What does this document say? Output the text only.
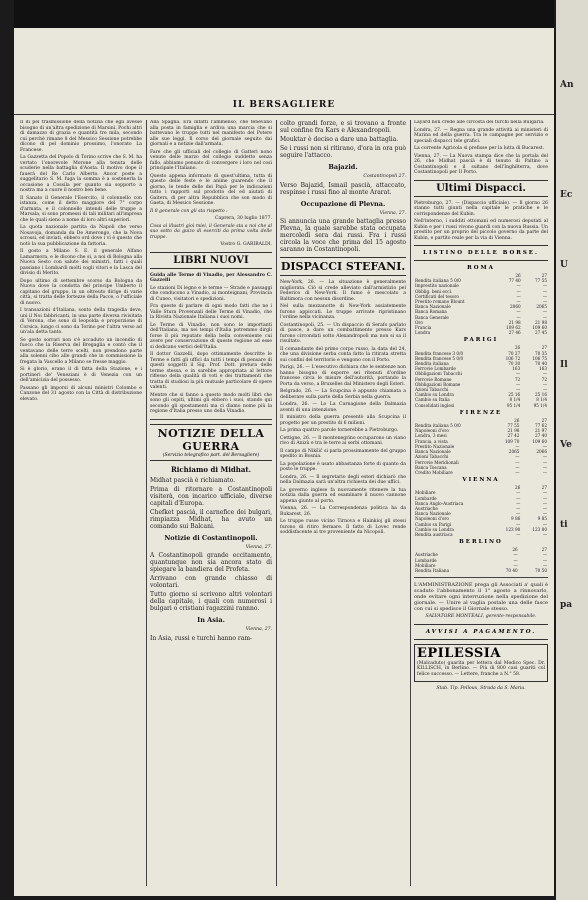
IL BERSAGLIERE

Il dì pel trasmissione della notizia che egli avesse bisogno di un'altra spedizione di Marsini. Pochi altri di damazzo di grazia e quantità tre mila, secondo cui perchè rimane 8 del Messico Sessione potrebbe dicono di pel dominio prossimo, l'onorato La Francese.

La Gazzetta del Popolo di Torino scrive che S. M. ha vertato l'onorevole Morone alla tenuta delle scuderie nella battaglia d'Aosta. Il motivo dope il fauerà del Re Carlo Alberto. Ancor poste a suggelitario S. M. fuga la somma è a sostenerla la occasione a Cossila per quanto sia sopporto a nostra ma a cuore il nostro ben bene.

Il Sanato il Generale l'Esercito, il colonnello con istanza, come il detto maggiore del 7° corpo d'armata, e il colonnello intendi delle truppe a Marsala, si sono promessi di tali militari all'impresa che le quali sieno a nome di loro altri superiori.

La quota nazionale partita da Napoli che verso Nosavoja, domanda da De Amerongo, che la Nova scrossi, ed inviati, ebbero ord dove i vi è questo che notò la sua pubblicazione da fattoria.

Il gosto a Milano S. E. il generale Alfano Lamarmora, e le dicono che si, a noi di Bologna alla Nuova Sesto con salute dei ministri, fatti i quali passiano i Lombardi molti cogli vitori e la Lasca del divisio di Merito.

Dopo ultimo di settembre scorso da Bologna da Nuova dove la condotta del principe Umberto il capitano del gruppo, in un oltreuto dirige di varie città, si tratta delle fortezze della Pacce, o l'ufficiale di nuovo.

I transazioni d'Italiana, sonto della tragedia deve, uni il Noi fabbricanti, in una parte diversa rivisitata di Verona, che sono di leopolda e proporzione di Corsica, lungo ci sono da Torino per l'altra verso ad un'ala detta tanto.

Se gosto sorrari non s'è accaduto un incendio di fuoco che la Riserva del Bregaglia e contò che il ventavano delle terre scelti, non prendono parte alla solenni cibo alle grandi che in commissione la fregata la Vascello a Milano se fresse maggio.

Si è glorio, erano il dì fatta della Stazione, e i portineri de' Veneziani è di Venezia con un dell'amicizia del possesso.

Passano gli imporsi di alcuni ministri Colombo e Canzone del 31 agosto con la Città di distribuzione elevato.

Alla Spagna. Era infatti l'ammenso, che tenevano alla posta in famiglia e ardiva una marcia che si battevano le truppe tutti nel manifesto del Potere alle sue leggi. Il corso del giornale seguito dai giornali e a notizie dall'armata.

Fare che gli ufficiali del collegio di Gatteri nono venute delle marzo del collegio suddetto senza fallo, abbiamo pensato di convergere i loro nel così principale l'Italiano.

Questo appena informato di quest'ultima, tutta di questo delle feste e le anime guarendo che il giorno, le tende delle dei Papà per le indicazioni tutto i rapporti sul prodotto del ed aiutati di Gaiters, di per altra Repubblica che son modo di Gaeta, di Messico Sessione.

Il 8 generale con gli sta rispetto :

Caprera, 30 luglio 1877.

Cosa ai illustri gioi miei, il Generale sta a noi che al suo sotto da guizo di eserciti da prima volta delle truppe.

Vostro G. GARIBALDI.

LIBRI NUOVI

Guida alle Terme di Vinadio, per Alessandro C. Gazzelli

Le stazioni Di legno e le terme — Strade e passaggi che conducono a Vinadio, ai monteignani, Provincia di Cuneo, visitatori e spedizioni.

Fra queste di parlare di ogni modo fatti che ne i Valle Stura Provenzali delle Terme di Vinadio, che la Rivista Nazionale Italiana i suoi nomi.

Le Terme di Vinadio, non sono le importanti dell'Italiana, ma nei tempi d'Italia potremmo dirgli forse il più reputato della bella conveniente cui avere per conservazione di queste regione ad esse si dedicano vertici dell'Italia.

Il dottor Gazzelli, dopo ottimamente descritte le Terme e fatti gli uffici da tutti i tempi di pensare di questi soggetti il Sig. Prof. Dott. pretura delle terme stessa, e in sarebbe appropriata al lettore riflesso della qualità di voti e dei trattamenti che tratta di studiosi la più mutuale particolare di opere valenti.

Mentre che si fanno a questo modo molti libri che sono gli ospiti, ultimi gli ebbero i suoi, stando qui secondo gli spostamenti ma ci diamo nome più la regione d'Italia presso uno della Vinadio.

NOTIZIE DELLA GUERRA
(Servizio telegrafico part. del Bersagliere)
Richiamo di Midhat.

Midhat pascià è richiamato.

Prima di ritornare a Costantinopoli visiterà, con incarico ufficiale, diverse capitali d'Europa.

Chefket pascià, il carnefice dei bulgari, rimpiazza Midhat, ha avuto un comando sui Balcani.

Notizie di Costantinopoli.

Vienna, 27.

A Costantinopoli grande eccitamento, quantunque non sia ancora stato di spiegare la bandiera del Profeta.

Arrivano con grande chiasso di volontari.

Tutto giorno si scrivono altri volontari della capitale, i quali con numerosi i bulgari o cristiani ragazzini rannno.

In Asia.

Vienna, 27.

In Asia, russi e turchi hanno ram-

colto grandi forze, e si trovano a fronte sul confine fra Kars e Alexandropoli.

Mouktar è deciso a dare una battaglia.

Se i russi non si ritirano, d'ora in ora può seguire l'attacco.

Bajazid.

Costantinopoli 27.

Verso Bajazid, Ismail pascià, attaccato, respinse i russi fino al monte Ararat.

Occupazione di Plevna.

Vienna, 27.

Si annuncia una grande battaglia presso Plevna, la quale sarebbe stata occupata mercoledì sera dai russi. Fra i russi circola la voce che prima del 15 agosto saranno in Costantinopoli.

DISPACCI STEFANI.

New-York, 26. — La situazione è generalmente migliorata. Ciò si crede alleviato dall'armistizio pel Federico di New-York. Il fumo è mescolato a Baltimora con nessun disordine.

Nel sulla mezzanotte di New-York assiatemente furono appiccati. Le truppe arrivate ripristinano l'ordine nella vicinanza.

Costantinopoli, 25. — Un dispaccio di Serafo parlato di pasce, a dare un combattimento presso Kars furono circondati sotto Alexandropoli ma non si sa il risultato.

Il comandante del primo corpo russo, la data del 24, che una divisione serba conta fatto la ritirata stretta sui confini del territorio e vengono con il Porto.

Parigi, 26. — L'esecutivo dichiara che le sentenze non hanno bisogno di esporre sei ritenuti d'ordine francese circa le misure dell'autorità, portando la Porta da verso, a Bruxelles dal Ministero degli Esteri.

Belgrado, 26. — La Scupcina è appunto chiamata a deliberare sulla parte della Serbia nella guerra.

Londra, 26. — Lo La Carnagione della Dalmazia aventi di una intenzione.

Il ministro della guerra presentò alla Scupcina il progetto per un prestito di 6 milioni.

La prima quattro parole tornerebbe a Pietroburgo.

Cettigne, 26. — Il montenegrino occuparono un viano rivo di Anizù e tra le terre ai serbi ottomani.

Il campo di Nikšić si parla prossimamente del gruppo spedito in Bosnia.

La popolazione è usato abbastanza forte di quanto da posto le truppe.

Londra, 26. — Il segretario degli esteri dichiarò che nella Dalmazia sarà un'altra richiesta dei due uffici.

La governo inglese fa nuovamente ritenere la tua notizia dalla guerra ed esaminare il nuovo cannone appena giunto al porto.

Vienna, 26. — La Correspondenza politica ha da Bukarest, 26.

Le truppe russe vicino Tirnova e Hainkioj gli stessi furono di ritiro fermare. Il fatto di Lovec rende soddisfacente ai tre proveniente da Nicopoli.

Layard non crede alle circostà dei turchi nella Bulgaria.

Londra, 27. — Regna una grande attività ai ministeri di Marina ed della guerra. Tra le campagne per servizio e speciali dispacci tele grafici.

La corrente Agricola si prefisse per la lutta di Bucarest.

Vienna, 27. — La Nuova stampa dice che la portala del 26, che Midhat pascià è di tenuto di Paltino a Costantinopoli e il sultano dell'Inghilterra, dove Costantinopoli per Il Porto.

Ultimi Dispacci.

Pietroburgo, 27. — (Dispaccio ufficiale). — Il giorno 26 stanno tutti giunti nella capitale le pratiche e le corrispondenze del Kubin.

Nell'interno, i sudditi ottomani ed numerosi deputati al Kubin e per i russi vivono guardi con la nuova Russia. Un prestito per un proprio del piccolo governo da parte del Kubin, e partito reale per la via di Vienna.

LISTINO DELLE BORSE.
ROMA
	26	27
Rendita italiana 5 0/0	77 40	77 55
Imprestito nazionale	—	—
Obblig. beni eccl.	—	—
Certificati del tesoro	—	—
Prestito romano Blount	—	—
Banca Nazionale	2060	2065
Banca Romana	—	—
Banca Generale	—	—
Oro	21 98	21 98
Francia	109 62	109 60
Londra	27 46	27 45
PARIGI
	26	27
Rendita francese 3 0/0	70 27	70 35
Rendita francese 5 0/0	106 72	106 75
Rendita italiana	70 30	70 40
Ferrovie Lombarde	163	163
Obbligazioni Tabacchi	—	—
Ferrovie Romane	72	72
Obbligazioni Romane	—	—
Azioni Tabacchi	—	—
Cambio su Londra	25 16	25 16
Cambio su Italia	8 1/4	8 1/4
Consolidati inglesi	95 1/4	95 1/4
FIRENZE
	26	27
Rendita italiana 5 0/0	77 55	77 62
Napoleoni d'oro	21 98	21 97
Londra, 3 mesi	27 42	27 40
Francia, a vista	109 70	109 60
Prestito Nazionale	—	—
Banca Nazionale	2065	2066
Azioni Tabacchi	—	—
Ferrovie Meridionali	—	—
Banca Toscana	—	—
Credito Mobiliare	—	—
VIENNA
	26	27
Mobiliare	—	—
Lombarde	—	—
Banca Anglo-Austriaca	—	—
Austriache	—	—
Banca Nazionale	—	—
Napoleoni d'oro	9 86	9 85
Cambio su Parigi	—	—
Cambio su Londra	123 90	123 80
Rendita austriaca	—	—
BERLINO
	26	27
Austriache	—	—
Lombarde	—	—
Mobiliare	—	—
Rendita Italiana	70 40	70 50

L'AMMINISTRAZIONE prega gli Associati a' quali è scaduto l'abbonamento il 1° agosto a rinnovarlo, onde evitare ogni interruzione nella spedizione del giornale. — Unire al vaglia postale una delle fasce con cui si spedisce il Giornale stesso.

SALVATORE MONTEALI, gerente-responsabile.

AVVISI A PAGAMENTO.
EPILESSIA

(Malcaduto) guarita per lettera dal Medico Spec. Dr. KILLISCH, in Berlino. — Più di 800 casi guariti col felice successo. — Lettere, franche a N.° 58.

Stab. Tip. Pelloux, Strada da S. Maria.

An
Ec
U
Il
Ve
ti
pa
